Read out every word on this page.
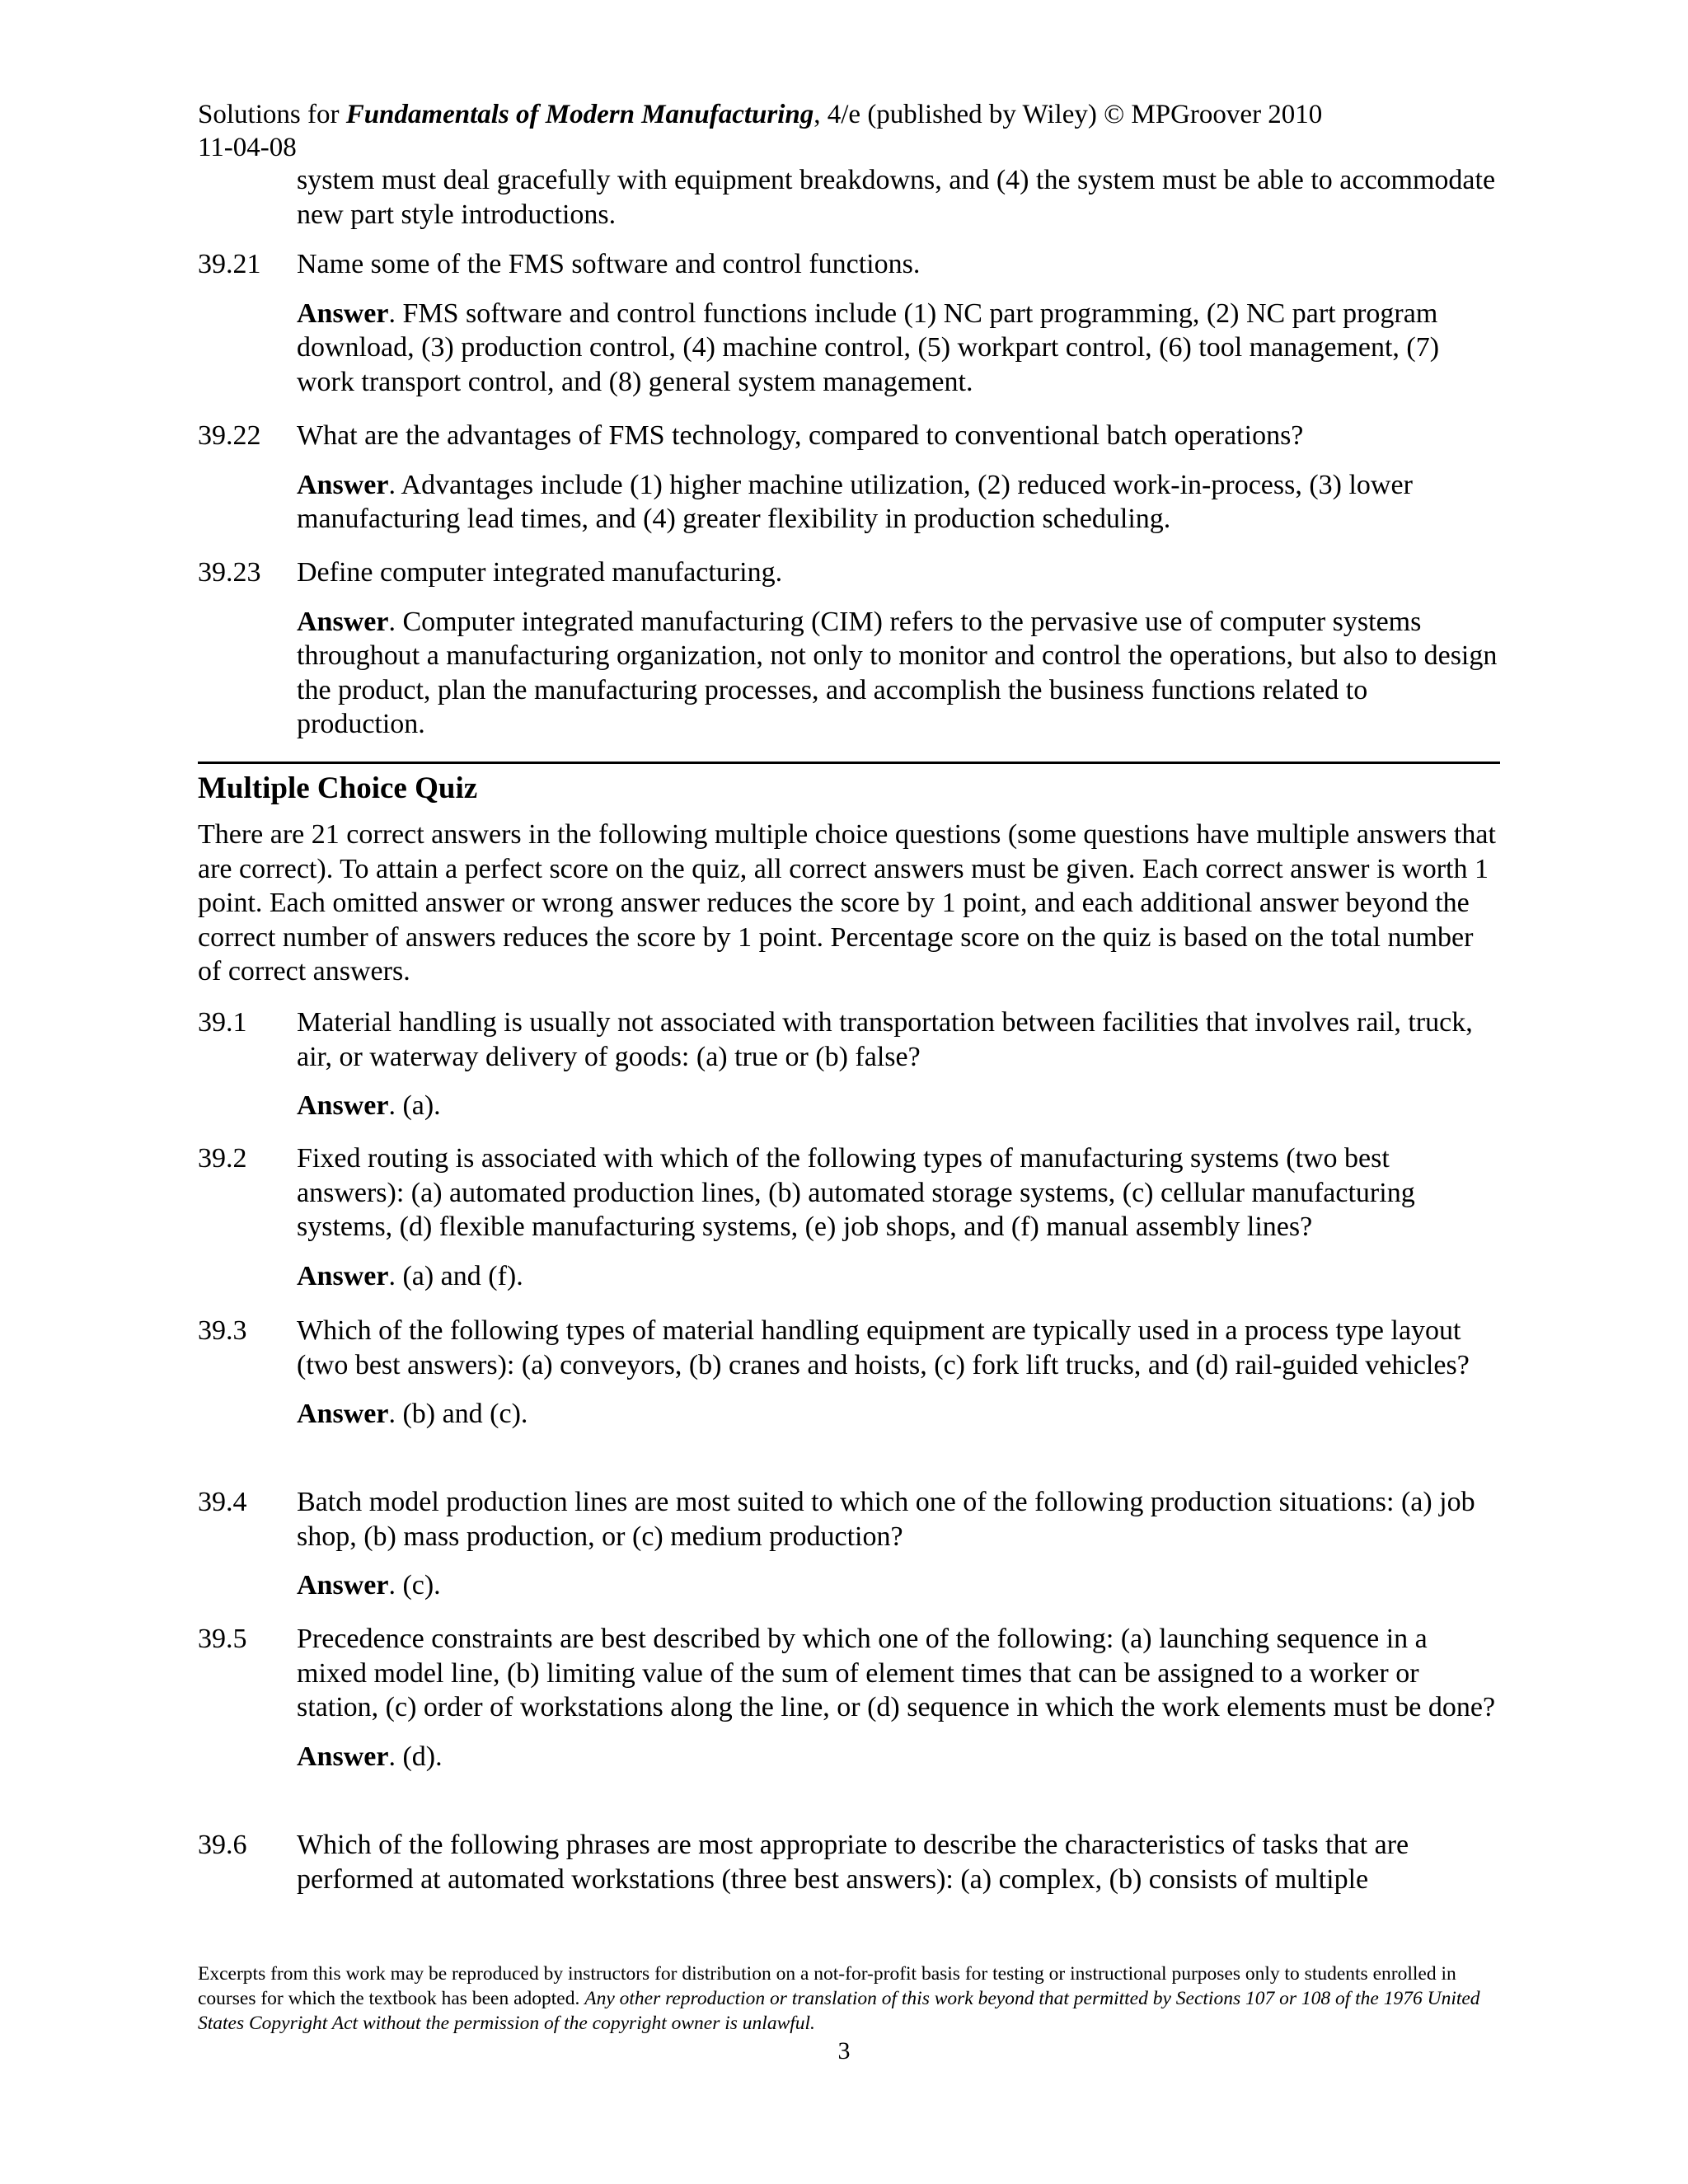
Solutions for Fundamentals of Modern Manufacturing, 4/e (published by Wiley) © MPGroover 2010
11-04-08
system must deal gracefully with equipment breakdowns, and (4) the system must be able to accommodate new part style introductions.
39.21	Name some of the FMS software and control functions.
Answer. FMS software and control functions include (1) NC part programming, (2) NC part program download, (3) production control, (4) machine control, (5) workpart control, (6) tool management, (7) work transport control, and (8) general system management.
39.22	What are the advantages of FMS technology, compared to conventional batch operations?
Answer. Advantages include (1) higher machine utilization, (2) reduced work-in-process, (3) lower manufacturing lead times, and (4) greater flexibility in production scheduling.
39.23	Define computer integrated manufacturing.
Answer. Computer integrated manufacturing (CIM) refers to the pervasive use of computer systems throughout a manufacturing organization, not only to monitor and control the operations, but also to design the product, plan the manufacturing processes, and accomplish the business functions related to production.
Multiple Choice Quiz
There are 21 correct answers in the following multiple choice questions (some questions have multiple answers that are correct). To attain a perfect score on the quiz, all correct answers must be given. Each correct answer is worth 1 point. Each omitted answer or wrong answer reduces the score by 1 point, and each additional answer beyond the correct number of answers reduces the score by 1 point. Percentage score on the quiz is based on the total number of correct answers.
39.1	Material handling is usually not associated with transportation between facilities that involves rail, truck, air, or waterway delivery of goods: (a) true or (b) false?
Answer. (a).
39.2	Fixed routing is associated with which of the following types of manufacturing systems (two best answers): (a) automated production lines, (b) automated storage systems, (c) cellular manufacturing systems, (d) flexible manufacturing systems, (e) job shops, and (f) manual assembly lines?
Answer. (a) and (f).
39.3	Which of the following types of material handling equipment are typically used in a process type layout (two best answers): (a) conveyors, (b) cranes and hoists, (c) fork lift trucks, and (d) rail-guided vehicles?
Answer. (b) and (c).
39.4	Batch model production lines are most suited to which one of the following production situations: (a) job shop, (b) mass production, or (c) medium production?
Answer. (c).
39.5	Precedence constraints are best described by which one of the following: (a) launching sequence in a mixed model line, (b) limiting value of the sum of element times that can be assigned to a worker or station, (c) order of workstations along the line, or (d) sequence in which the work elements must be done?
Answer. (d).
39.6	Which of the following phrases are most appropriate to describe the characteristics of tasks that are performed at automated workstations (three best answers): (a) complex, (b) consists of multiple
Excerpts from this work may be reproduced by instructors for distribution on a not-for-profit basis for testing or instructional purposes only to students enrolled in courses for which the textbook has been adopted. Any other reproduction or translation of this work beyond that permitted by Sections 107 or 108 of the 1976 United States Copyright Act without the permission of the copyright owner is unlawful.
3
